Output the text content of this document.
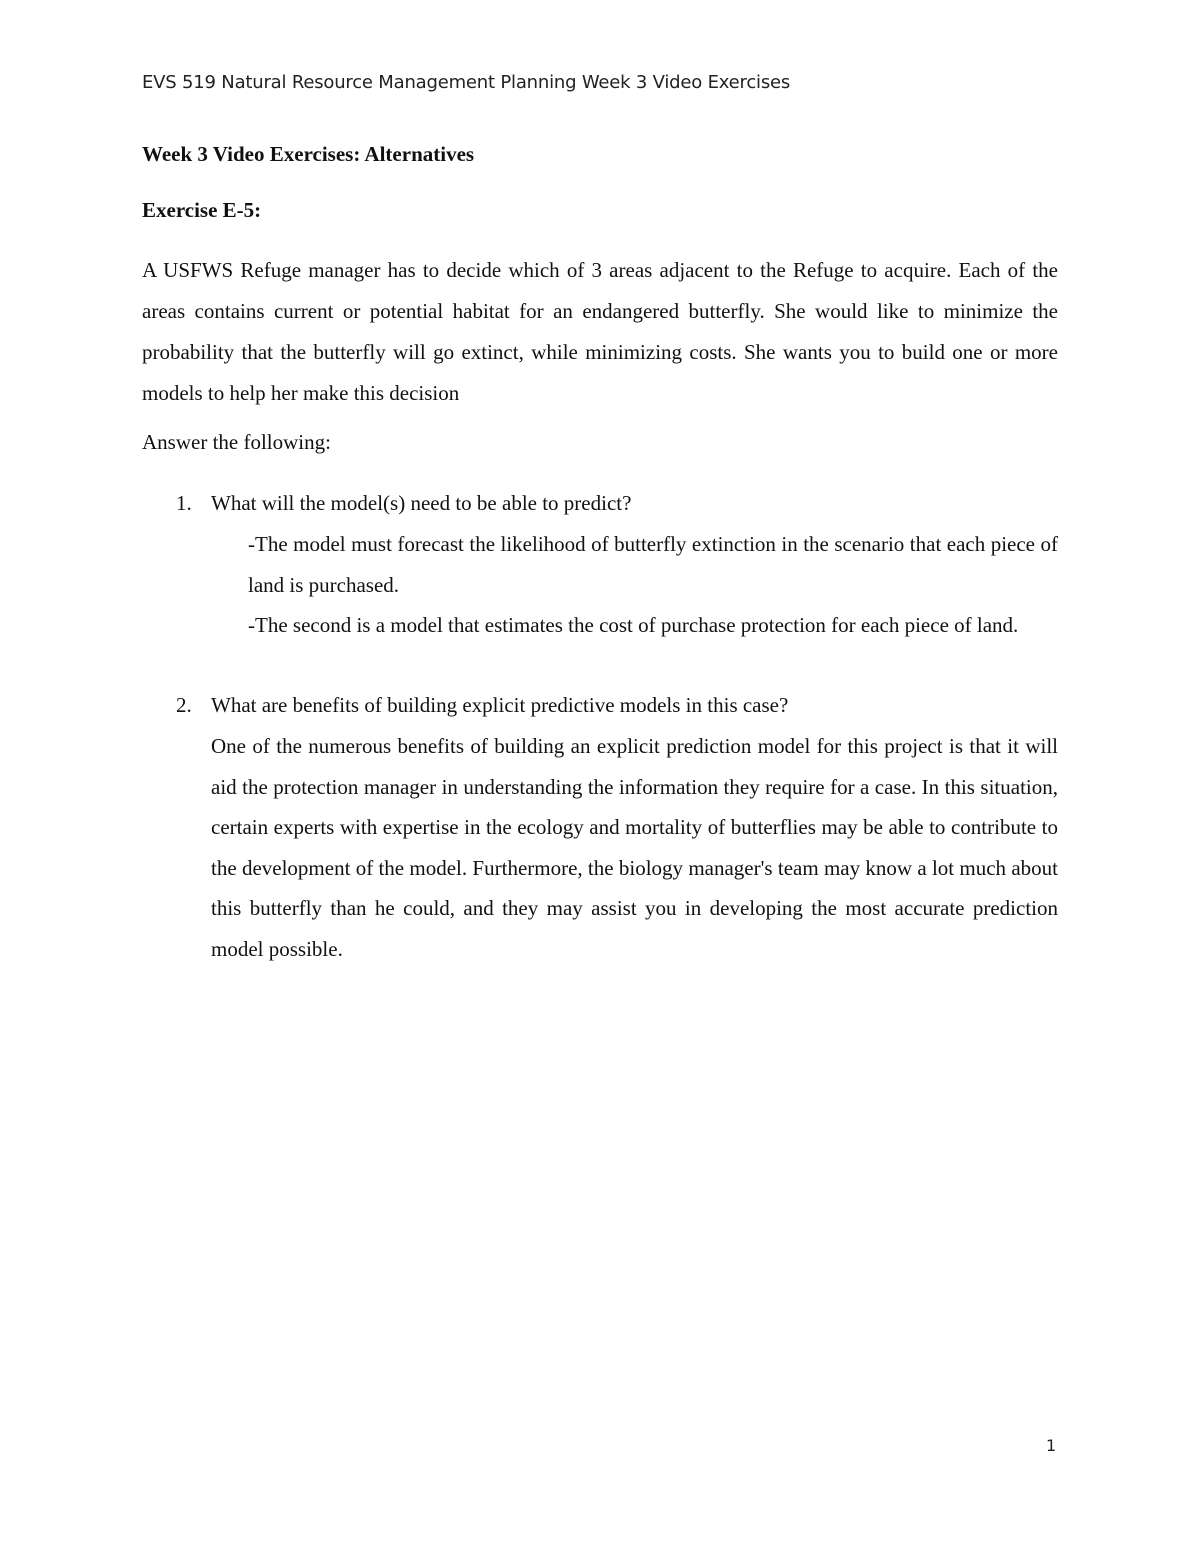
EVS 519 Natural Resource Management Planning Week 3 Video Exercises
Week 3 Video Exercises: Alternatives
Exercise E-5:

A USFWS Refuge manager has to decide which of 3 areas adjacent to the Refuge to acquire. Each of the areas contains current or potential habitat for an endangered butterfly. She would like to minimize the probability that the butterfly will go extinct, while minimizing costs. She wants you to build one or more models to help her make this decision

Answer the following:

1. What will the model(s) need to be able to predict?

-The model must forecast the likelihood of butterfly extinction in the scenario that each piece of land is purchased.

-The second is a model that estimates the cost of purchase protection for each piece of land.

2. What are benefits of building explicit predictive models in this case?

One of the numerous benefits of building an explicit prediction model for this project is that it will aid the protection manager in understanding the information they require for a case. In this situation, certain experts with expertise in the ecology and mortality of butterflies may be able to contribute to the development of the model. Furthermore, the biology manager's team may know a lot much about this butterfly than he could, and they may assist you in developing the most accurate prediction model possible.

1
